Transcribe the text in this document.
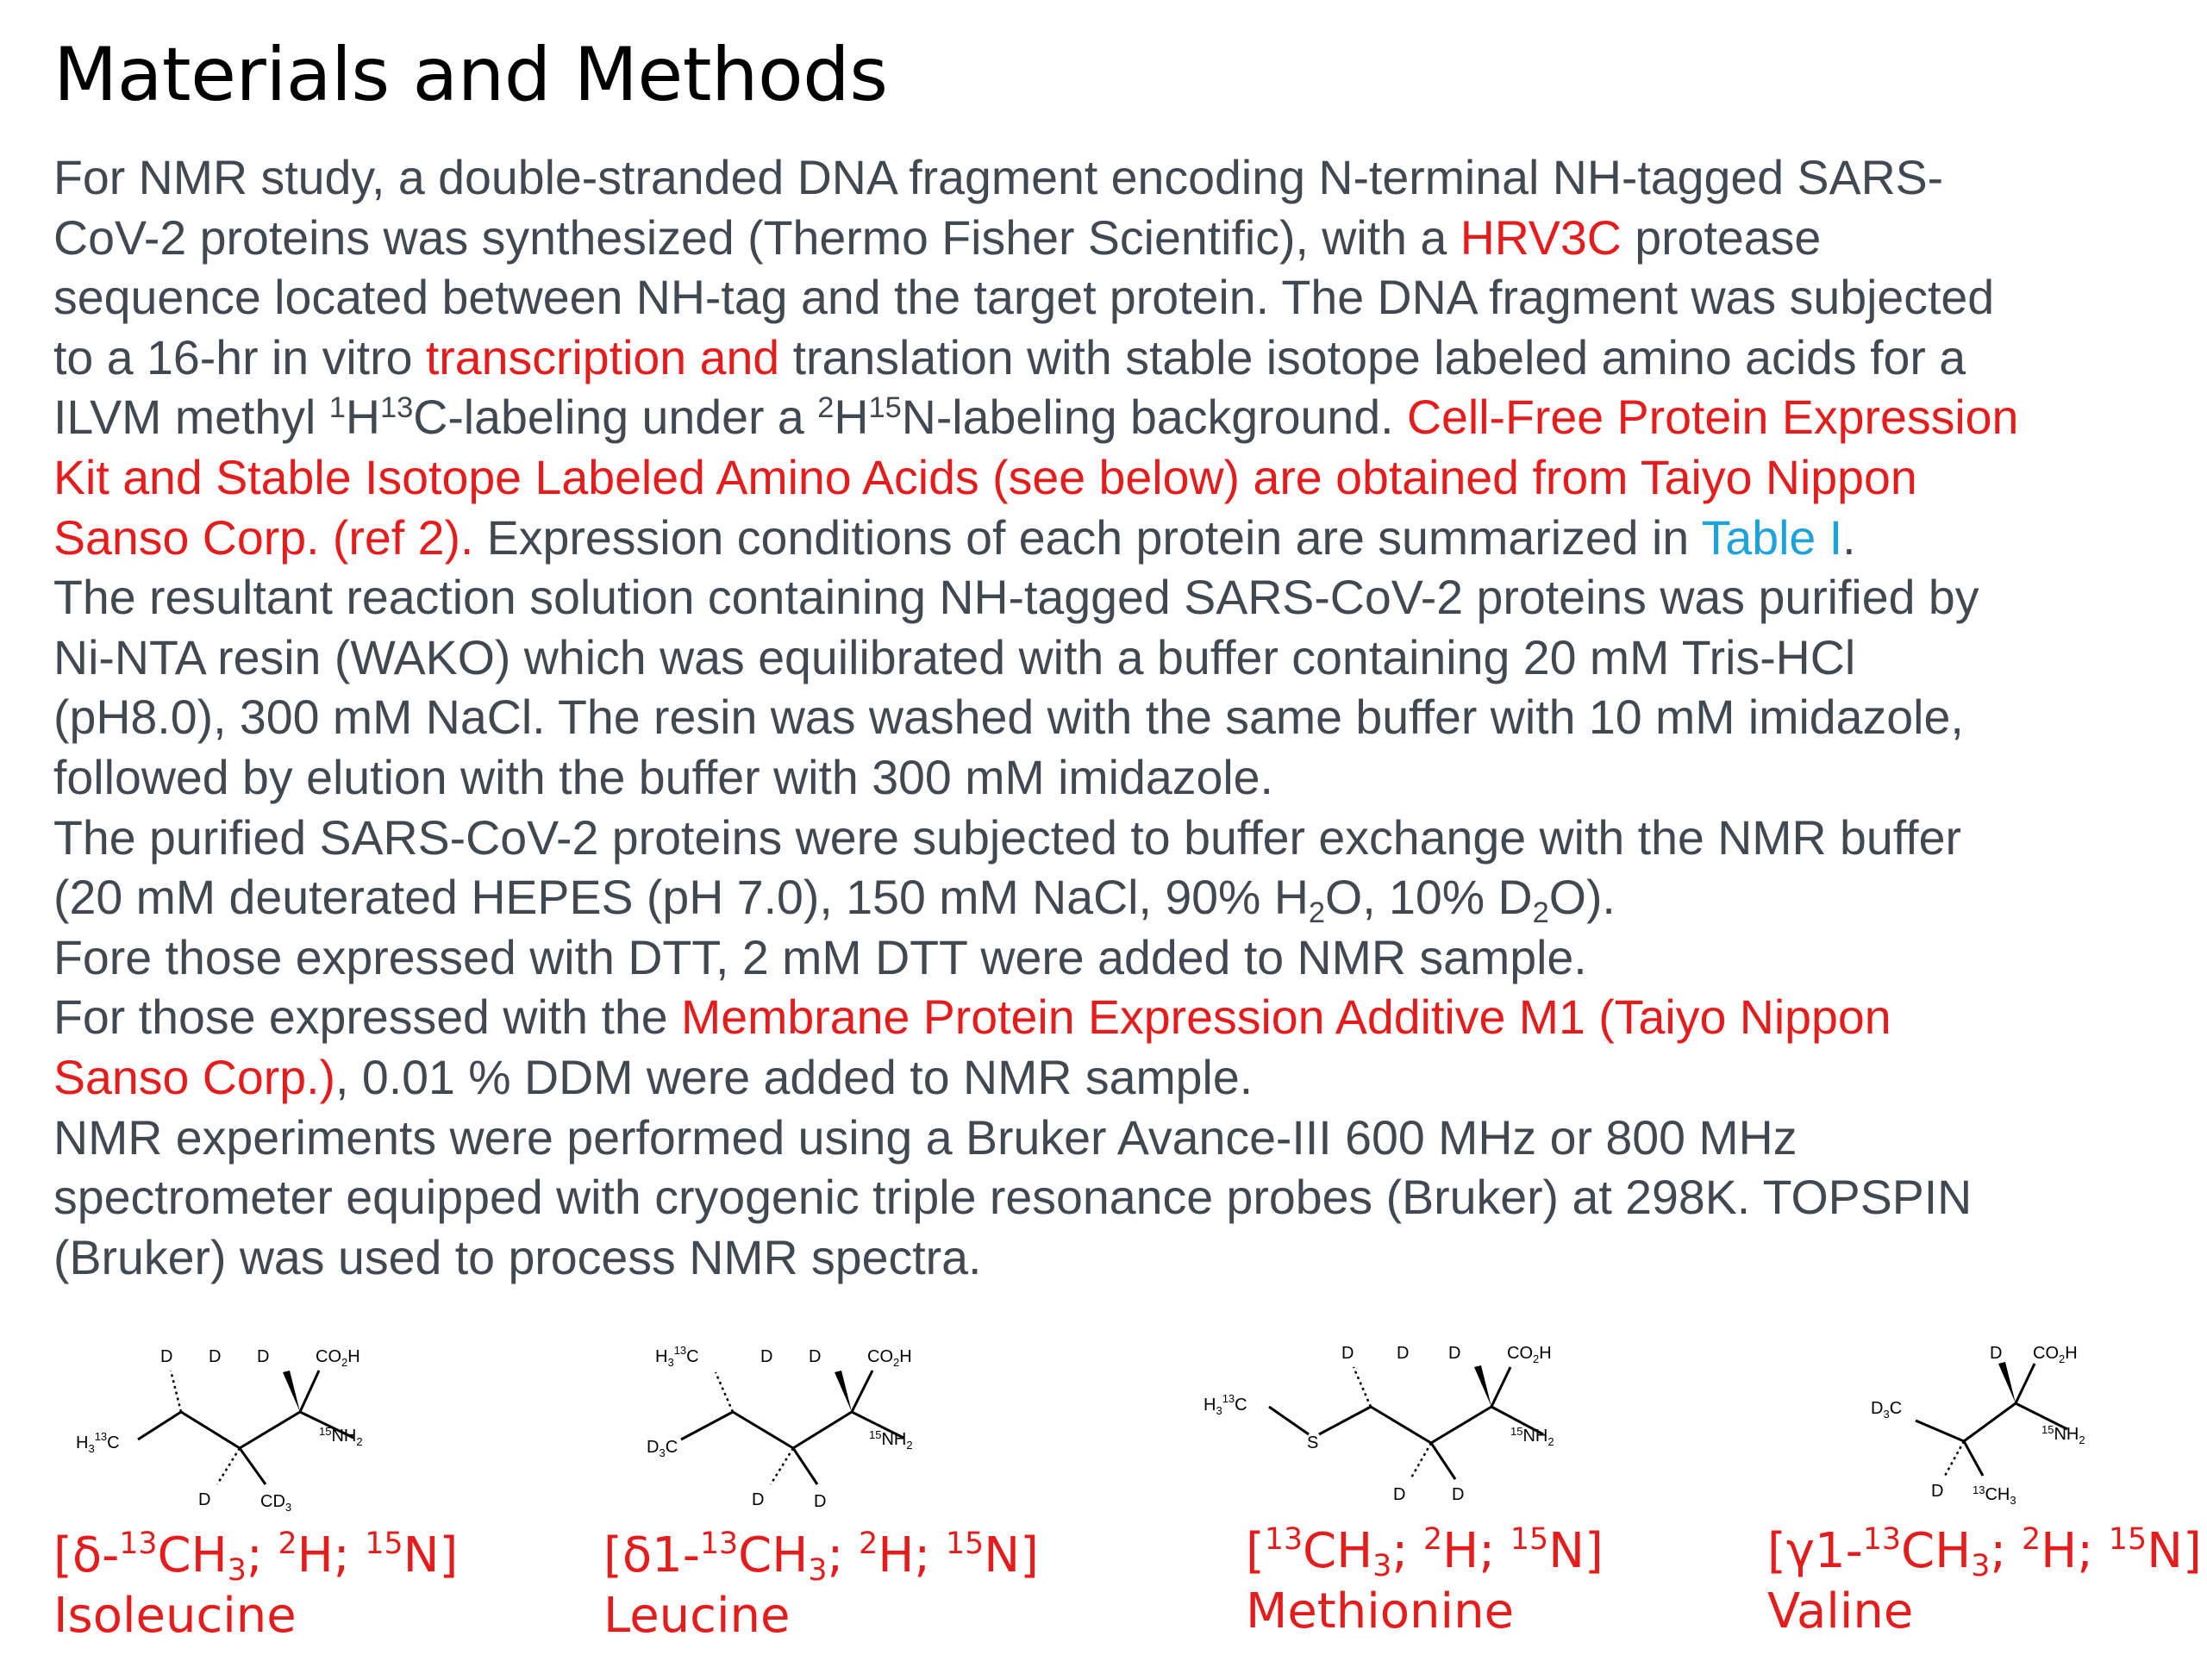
Materials and Methods
For NMR study, a double-stranded DNA fragment encoding N-terminal NH-tagged SARS-
CoV-2 proteins was synthesized (Thermo Fisher Scientific), with a HRV3C protease
sequence located between NH-tag and the target protein. The DNA fragment was subjected
to a 16-hr in vitro transcription and translation with stable isotope labeled amino acids for a
ILVM methyl $^1H^{13}C$-labeling under a $^2H^{15}N$-labeling background. Cell-Free Protein Expression
Kit and Stable Isotope Labeled Amino Acids (see below) are obtained from Taiyo Nippon
Sanso Corp. (ref 2). Expression conditions of each protein are summarized in Table I.
The resultant reaction solution containing NH-tagged SARS-CoV-2 proteins was purified by
Ni-NTA resin (WAKO) which was equilibrated with a buffer containing 20 mM Tris-HCl
(pH8.0), 300 mM NaCl. The resin was washed with the same buffer with 10 mM imidazole,
followed by elution with the buffer with 300 mM imidazole.
The purified SARS-CoV-2 proteins were subjected to buffer exchange with the NMR buffer
(20 mM deuterated HEPES (pH 7.0), 150 mM NaCl, 90% $H_2O$, 10% $D_2O$).
Fore those expressed with DTT, 2 mM DTT were added to NMR sample.
For those expressed with the Membrane Protein Expression Additive M1 (Taiyo Nippon
Sanso Corp.), 0.01 % DDM were added to NMR sample.
NMR experiments were performed using a Bruker Avance-III 600 MHz or 800 MHz
spectrometer equipped with cryogenic triple resonance probes (Bruker) at 298K. TOPSPIN
(Bruker) was used to process NMR spectra.
D D D	$CO_2H$
$H_3^{13}C$
$^{15}NH_2$
D	$CD_3$
[$\delta-^{13}CH_3$; $^2$H; $^{15}$N]
Isoleucine
$H_3^{13}C$	D D	$CO_2H$
$D_3C$
$^{15}NH_2$
D	D
[$\delta 1-^{13}CH_3$; $^2$H; $^{15}$N]
Leucine
$H_3^{13}C$
S
D D D	$CO_2H$
$^{15}NH_2$
D	D
[$^{13}CH_3$; $^2$H; $^{15}$N]
Methionine
$D_3C$
D $CO_2H$
$^{15}NH_2$
D	$^{13}CH_3$
[$\gamma 1-^{13}CH_3$; $^2$H; $^{15}$N]
Valine
